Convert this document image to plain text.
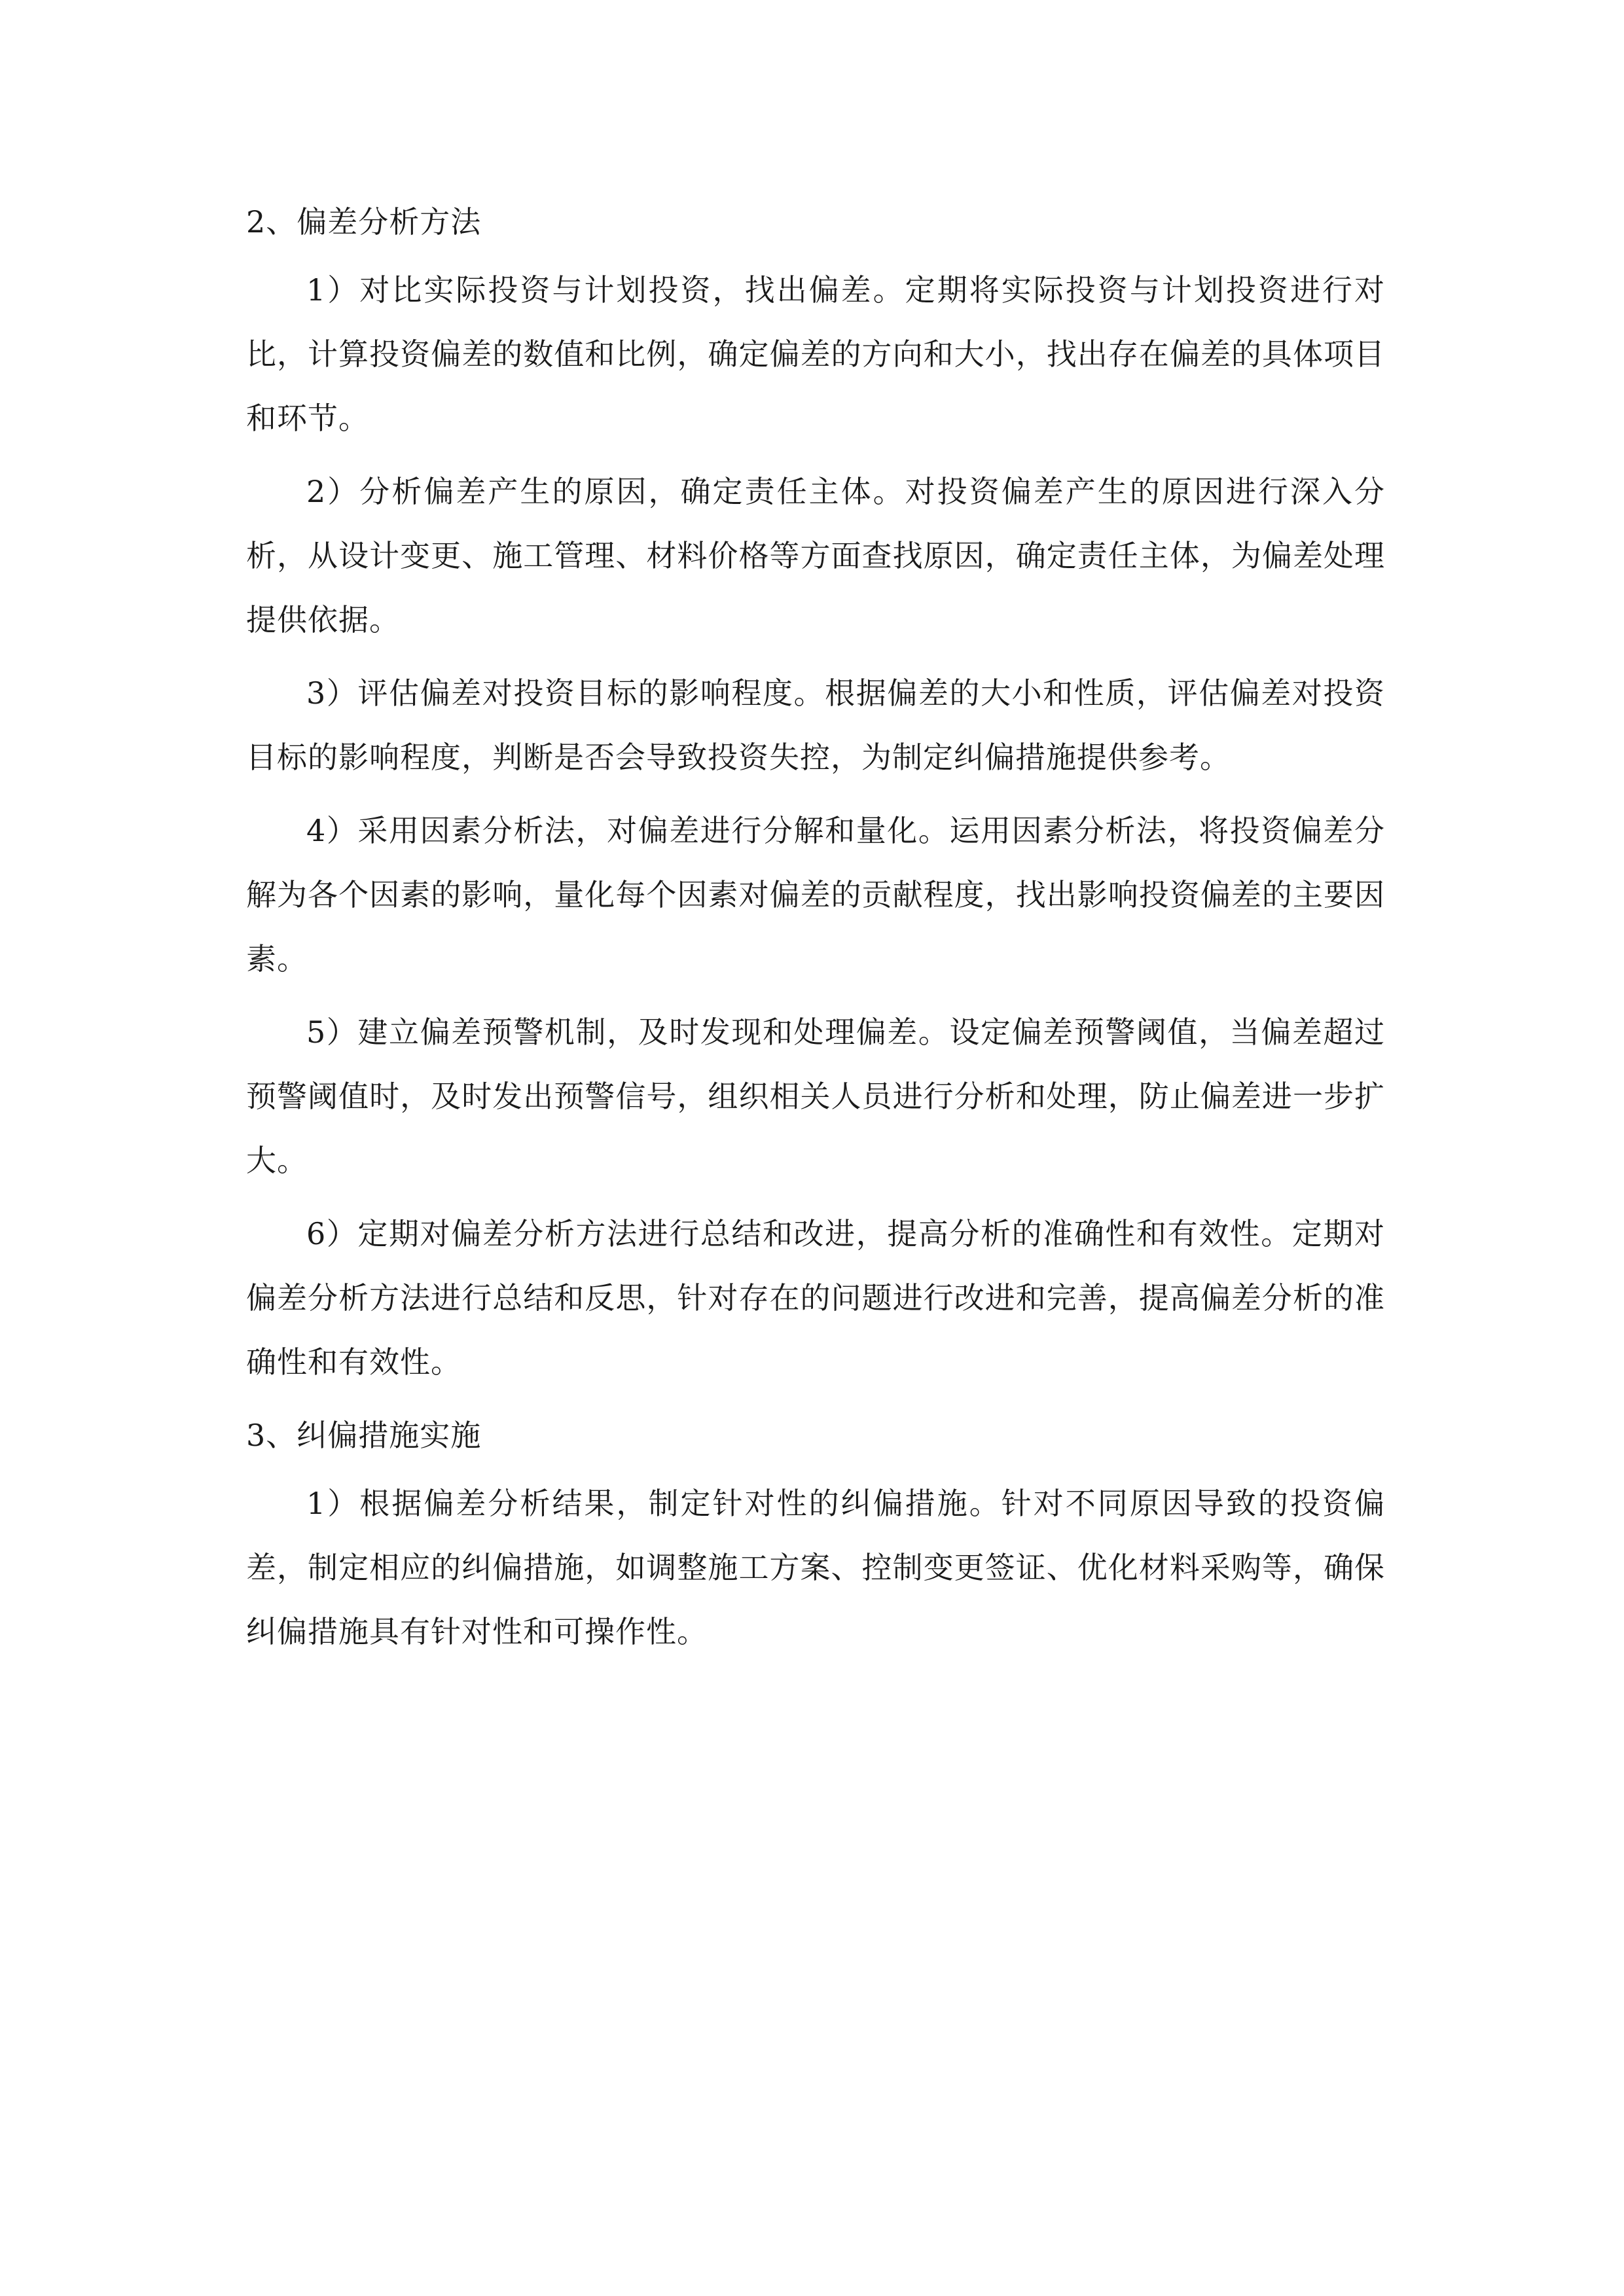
2、偏差分析方法

1）对比实际投资与计划投资，找出偏差。定期将实际投资与计划投资进行对比，计算投资偏差的数值和比例，确定偏差的方向和大小，找出存在偏差的具体项目和环节。

2）分析偏差产生的原因，确定责任主体。对投资偏差产生的原因进行深入分析，从设计变更、施工管理、材料价格等方面查找原因，确定责任主体，为偏差处理提供依据。

3）评估偏差对投资目标的影响程度。根据偏差的大小和性质，评估偏差对投资目标的影响程度，判断是否会导致投资失控，为制定纠偏措施提供参考。

4）采用因素分析法，对偏差进行分解和量化。运用因素分析法，将投资偏差分解为各个因素的影响，量化每个因素对偏差的贡献程度，找出影响投资偏差的主要因素。

5）建立偏差预警机制，及时发现和处理偏差。设定偏差预警阈值，当偏差超过预警阈值时，及时发出预警信号，组织相关人员进行分析和处理，防止偏差进一步扩大。

6）定期对偏差分析方法进行总结和改进，提高分析的准确性和有效性。定期对偏差分析方法进行总结和反思，针对存在的问题进行改进和完善，提高偏差分析的准确性和有效性。

3、纠偏措施实施

1）根据偏差分析结果，制定针对性的纠偏措施。针对不同原因导致的投资偏差，制定相应的纠偏措施，如调整施工方案、控制变更签证、优化材料采购等，确保纠偏措施具有针对性和可操作性。
